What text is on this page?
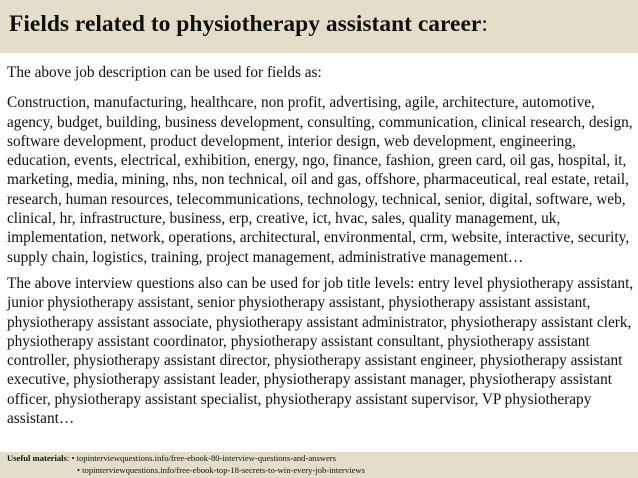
Fields related to physiotherapy assistant career:

The above job description can be used for fields as:

Construction, manufacturing, healthcare, non profit, advertising, agile, architecture, automotive, agency, budget, building, business development, consulting, communication, clinical research, design, software development, product development, interior design, web development, engineering, education, events, electrical, exhibition, energy, ngo, finance, fashion, green card, oil gas, hospital, it, marketing, media, mining, nhs, non technical, oil and gas, offshore, pharmaceutical, real estate, retail, research, human resources, telecommunications, technology, technical, senior, digital, software, web, clinical, hr, infrastructure, business, erp, creative, ict, hvac, sales, quality management, uk, implementation, network, operations, architectural, environmental, crm, website, interactive, security, supply chain, logistics, training, project management, administrative management…

The above interview questions also can be used for job title levels: entry level physiotherapy assistant, junior physiotherapy assistant, senior physiotherapy assistant, physiotherapy assistant assistant, physiotherapy assistant associate, physiotherapy assistant administrator, physiotherapy assistant clerk, physiotherapy assistant coordinator, physiotherapy assistant consultant, physiotherapy assistant controller, physiotherapy assistant director, physiotherapy assistant engineer, physiotherapy assistant executive, physiotherapy assistant leader, physiotherapy assistant manager, physiotherapy assistant officer, physiotherapy assistant specialist, physiotherapy assistant supervisor, VP physiotherapy assistant…

Useful materials: • topinterviewquestions.info/free-ebook-80-interview-questions-and-answers
• topinterviewquestions.info/free-ebook-top-18-secrets-to-win-every-job-interviews
